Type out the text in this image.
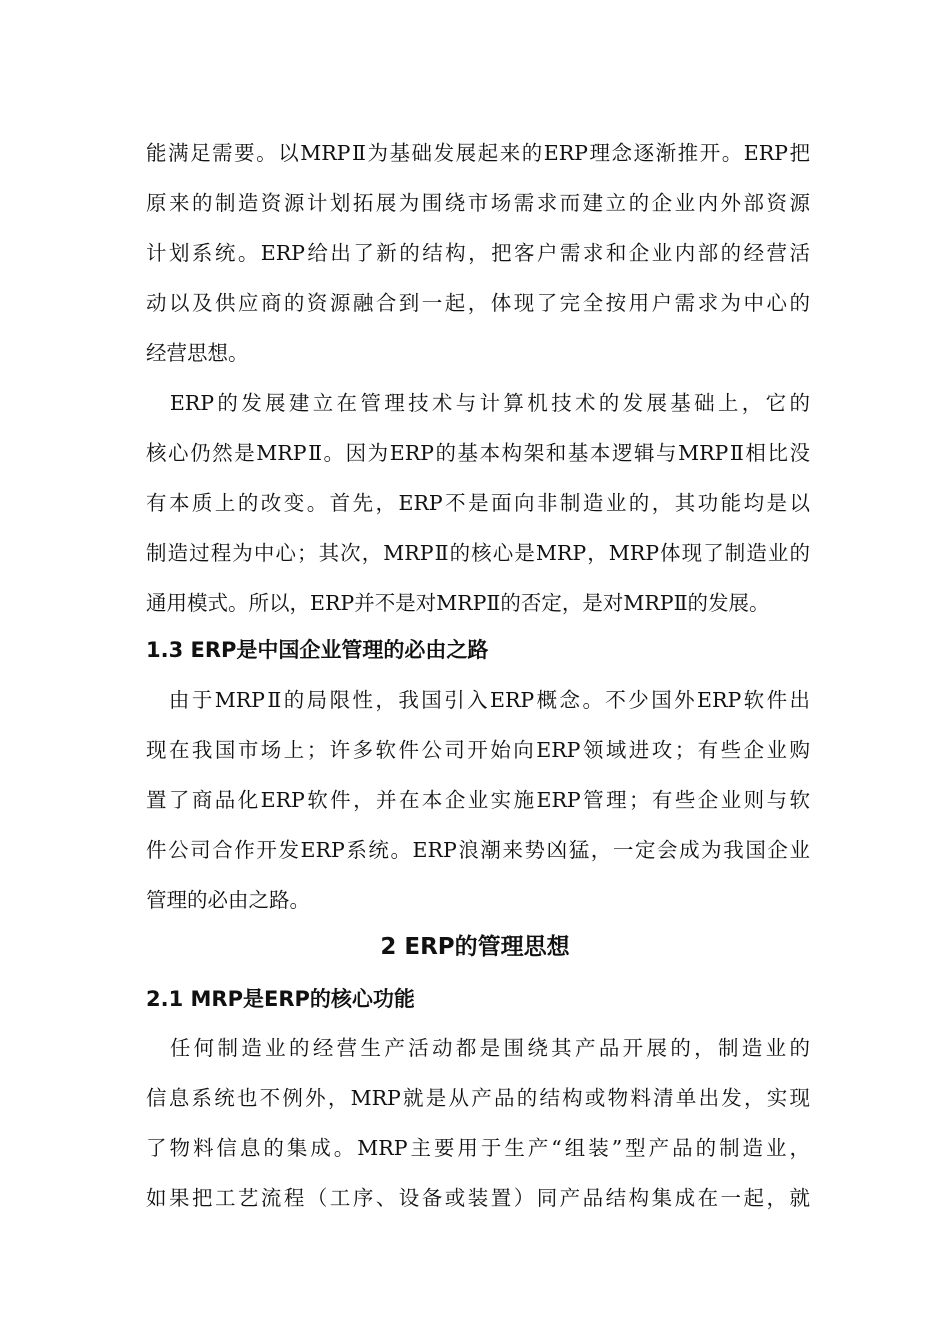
能满足需要。以MRPⅡ为基础发展起来的ERP理念逐渐推开。ERP把
原来的制造资源计划拓展为围绕市场需求而建立的企业内外部资源
计划系统。ERP给出了新的结构，把客户需求和企业内部的经营活
动以及供应商的资源融合到一起，体现了完全按用户需求为中心的
经营思想。
　ERP的发展建立在管理技术与计算机技术的发展基础上，它的
核心仍然是MRPⅡ。因为ERP的基本构架和基本逻辑与MRPⅡ相比没
有本质上的改变。首先，ERP不是面向非制造业的，其功能均是以
制造过程为中心；其次，MRPⅡ的核心是MRP，MRP体现了制造业的
通用模式。所以，ERP并不是对MRPⅡ的否定，是对MRPⅡ的发展。
1.3 ERP是中国企业管理的必由之路
　由于MRPⅡ的局限性，我国引入ERP概念。不少国外ERP软件出
现在我国市场上；许多软件公司开始向ERP领域进攻；有些企业购
置了商品化ERP软件，并在本企业实施ERP管理；有些企业则与软
件公司合作开发ERP系统。ERP浪潮来势凶猛，一定会成为我国企业
管理的必由之路。
2 ERP的管理思想
2.1 MRP是ERP的核心功能
　任何制造业的经营生产活动都是围绕其产品开展的，制造业的
信息系统也不例外，MRP就是从产品的结构或物料清单出发，实现
了物料信息的集成。MRP主要用于生产“组装”型产品的制造业，
如果把工艺流程（工序、设备或装置）同产品结构集成在一起，就
